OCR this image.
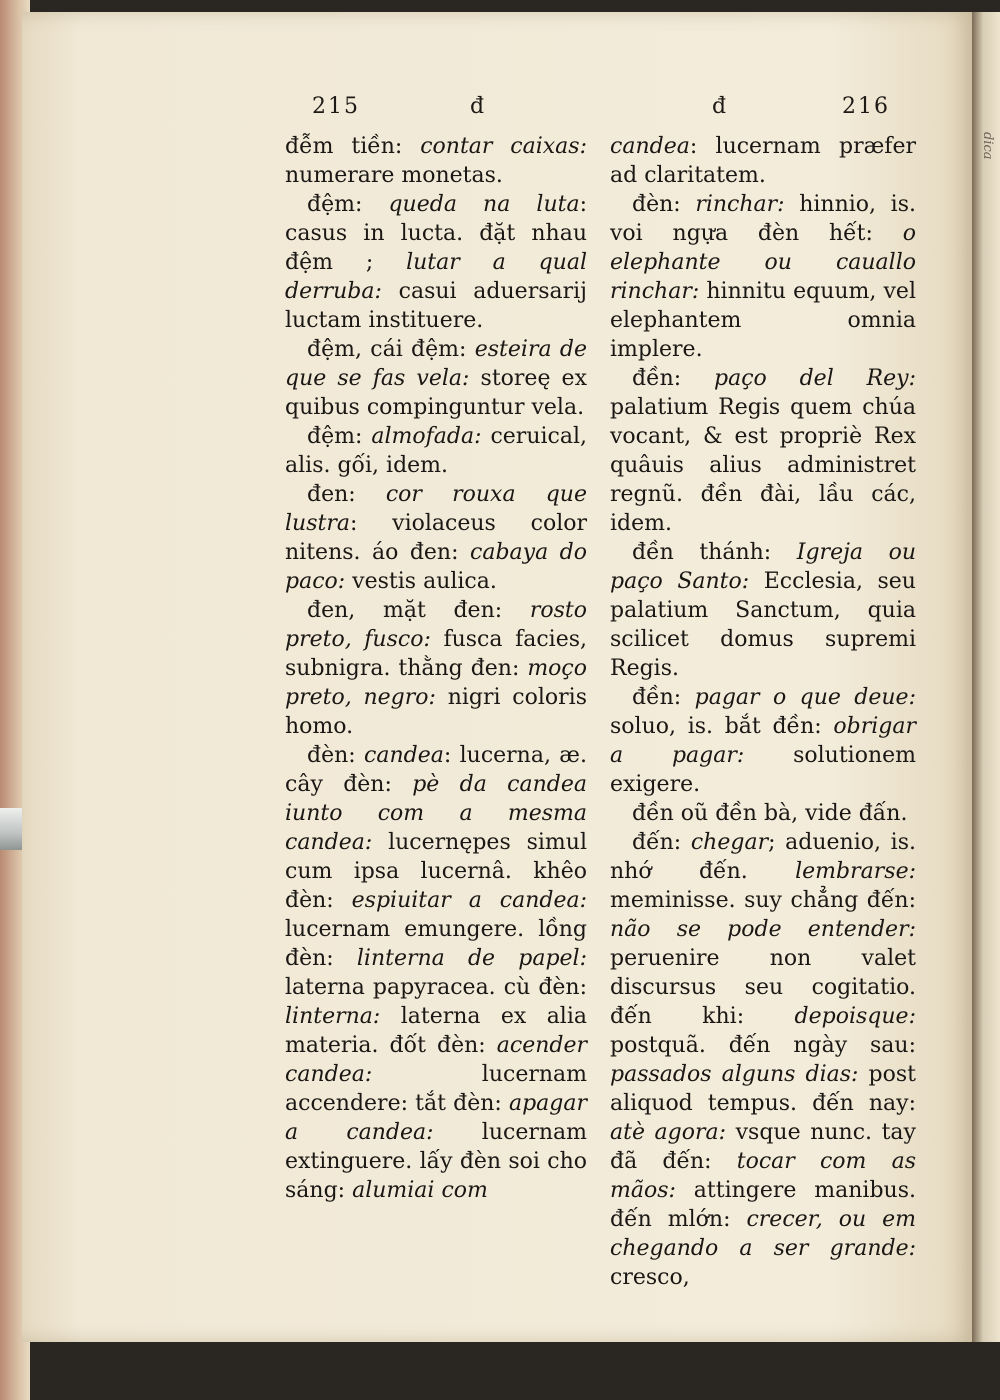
dica
215	đ	đ	216

đễm tiền: contar caixas: numerare monetas.

đệm: queda na luta: casus in lucta. đặt nhau đệm ; lutar a qual derruba: casui aduersarij luctam instituere.

đệm, cái đệm: esteira de que se fas vela: storeę ex quibus compinguntur vela.

đệm: almofada: ceruical, alis. gối, idem.

đen: cor rouxa que lustra: violaceus color nitens. áo đen: cabaya do paco: vestis aulica.

đen, mặt đen: rosto preto, fusco: fusca facies, subnigra. thằng đen: moço preto, negro: nigri coloris homo.

đèn: candea: lucerna, æ. cây đèn: pè da candea iunto com a mesma candea: lucernępes simul cum ipsa lucernâ. khêo đèn: espiuitar a candea: lucernam emungere. lồng đèn: linterna de papel: laterna papyracea. cù đèn: linterna: laterna ex alia materia. đốt đèn: acender candea: lucernam accendere: tắt đèn: apagar a candea: lucernam extinguere. lấy đèn soi cho sáng: alumiai com

candea: lucernam præfer ad claritatem.

đèn: rinchar: hinnio, is. voi ngựa đèn hết: o elephante ou cauallo rinchar: hinnitu equum, vel elephantem omnia implere.

đền: paço del Rey: palatium Regis quem chúa vocant, & est propriè Rex quâuis alius administret regnũ. đền đài, lầu các, idem.

đền thánh: Igreja ou paço Santo: Ecclesia, seu palatium Sanctum, quia scilicet domus supremi Regis.

đền: pagar o que deue: soluo, is. bắt đền: obrigar a pagar: solutionem exigere.

đền oũ đền bà, vide đấn.

đến: chegar; aduenio, is. nhớ đến. lembrarse: meminisse. suy chẳng đến: não se pode entender: peruenire non valet discursus seu cogitatio. đến khi: depoisque: postquã. đến ngày sau: passados alguns dias: post aliquod tempus. đến nay: atè agora: vsque nunc. tay đã đến: tocar com as mãos: attingere manibus. đến mlớn: crecer, ou em chegando a ser grande: cresco,
